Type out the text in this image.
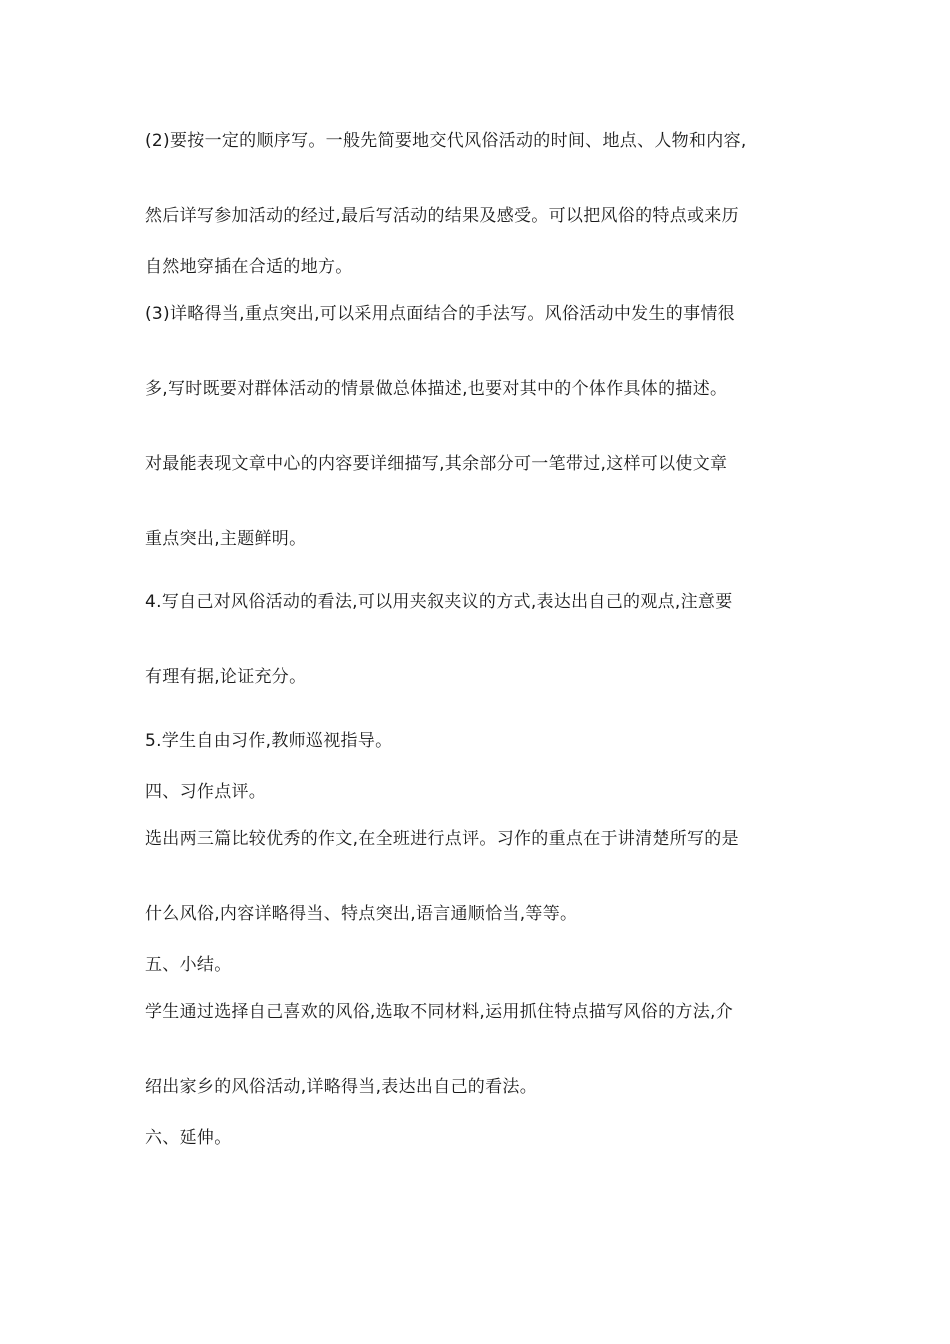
(2)要按一定的顺序写。一般先简要地交代风俗活动的时间、地点、人物和内容,
然后详写参加活动的经过,最后写活动的结果及感受。可以把风俗的特点或来历
自然地穿插在合适的地方。
(3)详略得当,重点突出,可以采用点面结合的手法写。风俗活动中发生的事情很
多,写时既要对群体活动的情景做总体描述,也要对其中的个体作具体的描述。
对最能表现文章中心的内容要详细描写,其余部分可一笔带过,这样可以使文章
重点突出,主题鲜明。
4.写自己对风俗活动的看法,可以用夹叙夹议的方式,表达出自己的观点,注意要
有理有据,论证充分。
5.学生自由习作,教师巡视指导。
四、习作点评。
选出两三篇比较优秀的作文,在全班进行点评。习作的重点在于讲清楚所写的是
什么风俗,内容详略得当、特点突出,语言通顺恰当,等等。
五、小结。
学生通过选择自己喜欢的风俗,选取不同材料,运用抓住特点描写风俗的方法,介
绍出家乡的风俗活动,详略得当,表达出自己的看法。
六、延伸。
